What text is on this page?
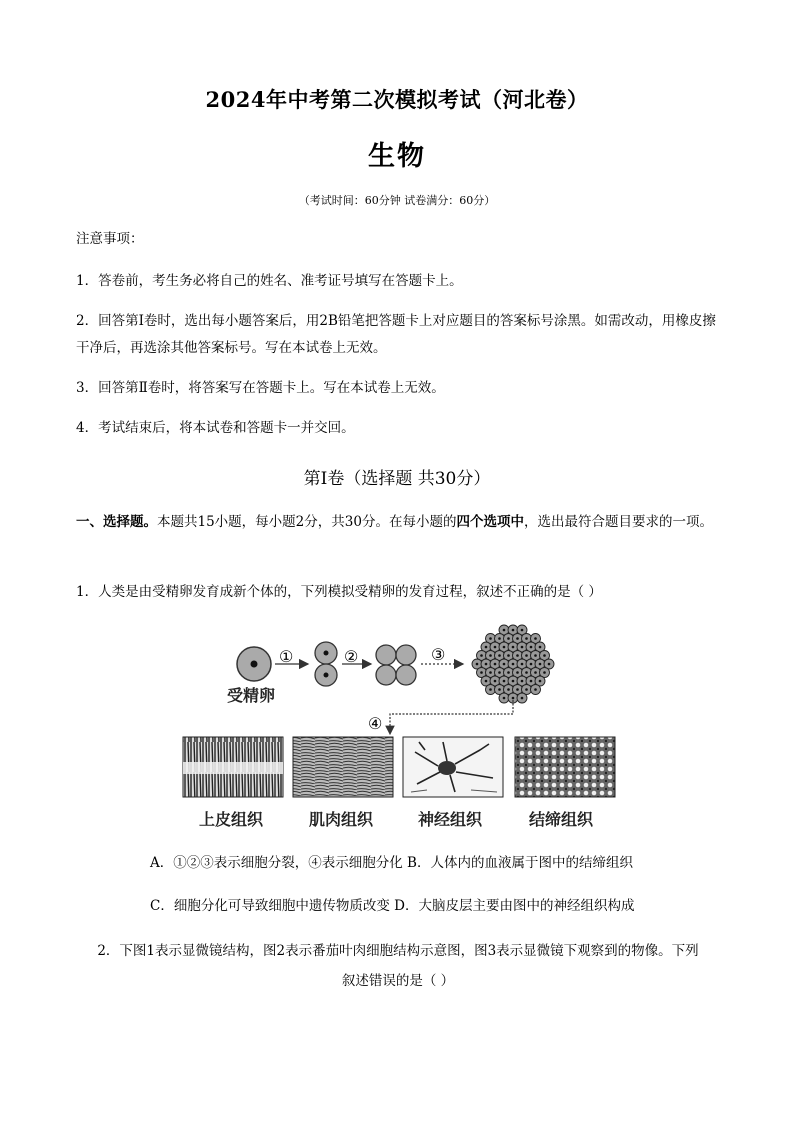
2024年中考第二次模拟考试（河北卷）
生物
（考试时间：60分钟 试卷满分：60分）
注意事项：
1．答卷前，考生务必将自己的姓名、准考证号填写在答题卡上。
2．回答第Ⅰ卷时，选出每小题答案后，用2B铅笔把答题卡上对应题目的答案标号涂黑。如需改动，用橡皮擦干净后，再选涂其他答案标号。写在本试卷上无效。
3．回答第Ⅱ卷时，将答案写在答题卡上。写在本试卷上无效。
4．考试结束后，将本试卷和答题卡一并交回。
第Ⅰ卷（选择题 共30分）
一、选择题。本题共15小题，每小题2分，共30分。在每小题的四个选项中，选出最符合题目要求的一项。
1．人类是由受精卵发育成新个体的，下列模拟受精卵的发育过程，叙述不正确的是（ ）
受精卵
①	②	③
④
上皮组织	肌肉组织	神经组织	结缔组织
A．①②③表示细胞分裂，④表示细胞分化 B．人体内的血液属于图中的结缔组织
C．细胞分化可导致细胞中遗传物质改变 D．大脑皮层主要由图中的神经组织构成
2．下图1表示显微镜结构，图2表示番茄叶肉细胞结构示意图，图3表示显微镜下观察到的物像。下列
叙述错误的是（ ）
